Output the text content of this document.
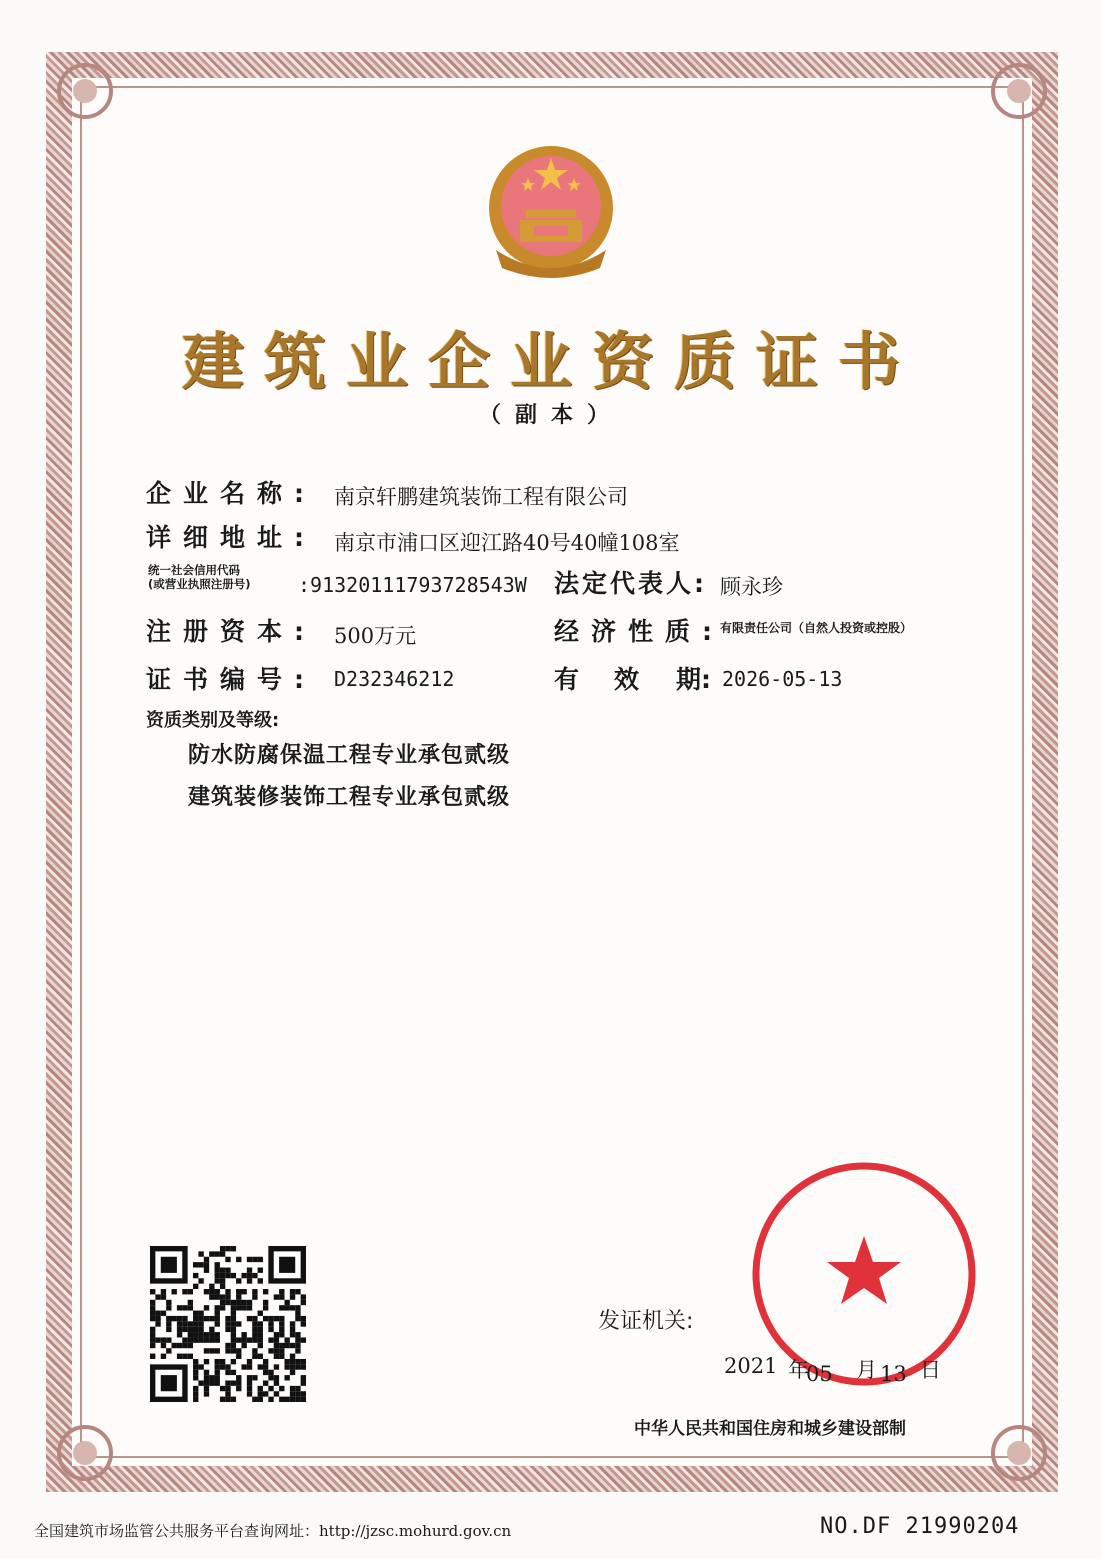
建筑业企业资质证书
（副本）
企业名称: 南京轩鹏建筑装饰工程有限公司
详细地址: 南京市浦口区迎江路40号40幢108室
统一社会信用代码
(或营业执照注册号) :91320111793728543W 法定代表人: 顾永珍
注册资本: 500万元	经济性质:
有限责任公司（自然人投资或控股）
证书编号: D232346212	有 效 期: 2026-05-13
资质类别及等级:
防水防腐保温工程专业承包贰级
建筑装修装饰工程专业承包贰级
发证机关:
2021 年
05 月 13 日
中华人民共和国住房和城乡建设部制
全国建筑市场监管公共服务平台查询网址：http://jzsc.mohurd.gov.cn	NO.DF 21990204
